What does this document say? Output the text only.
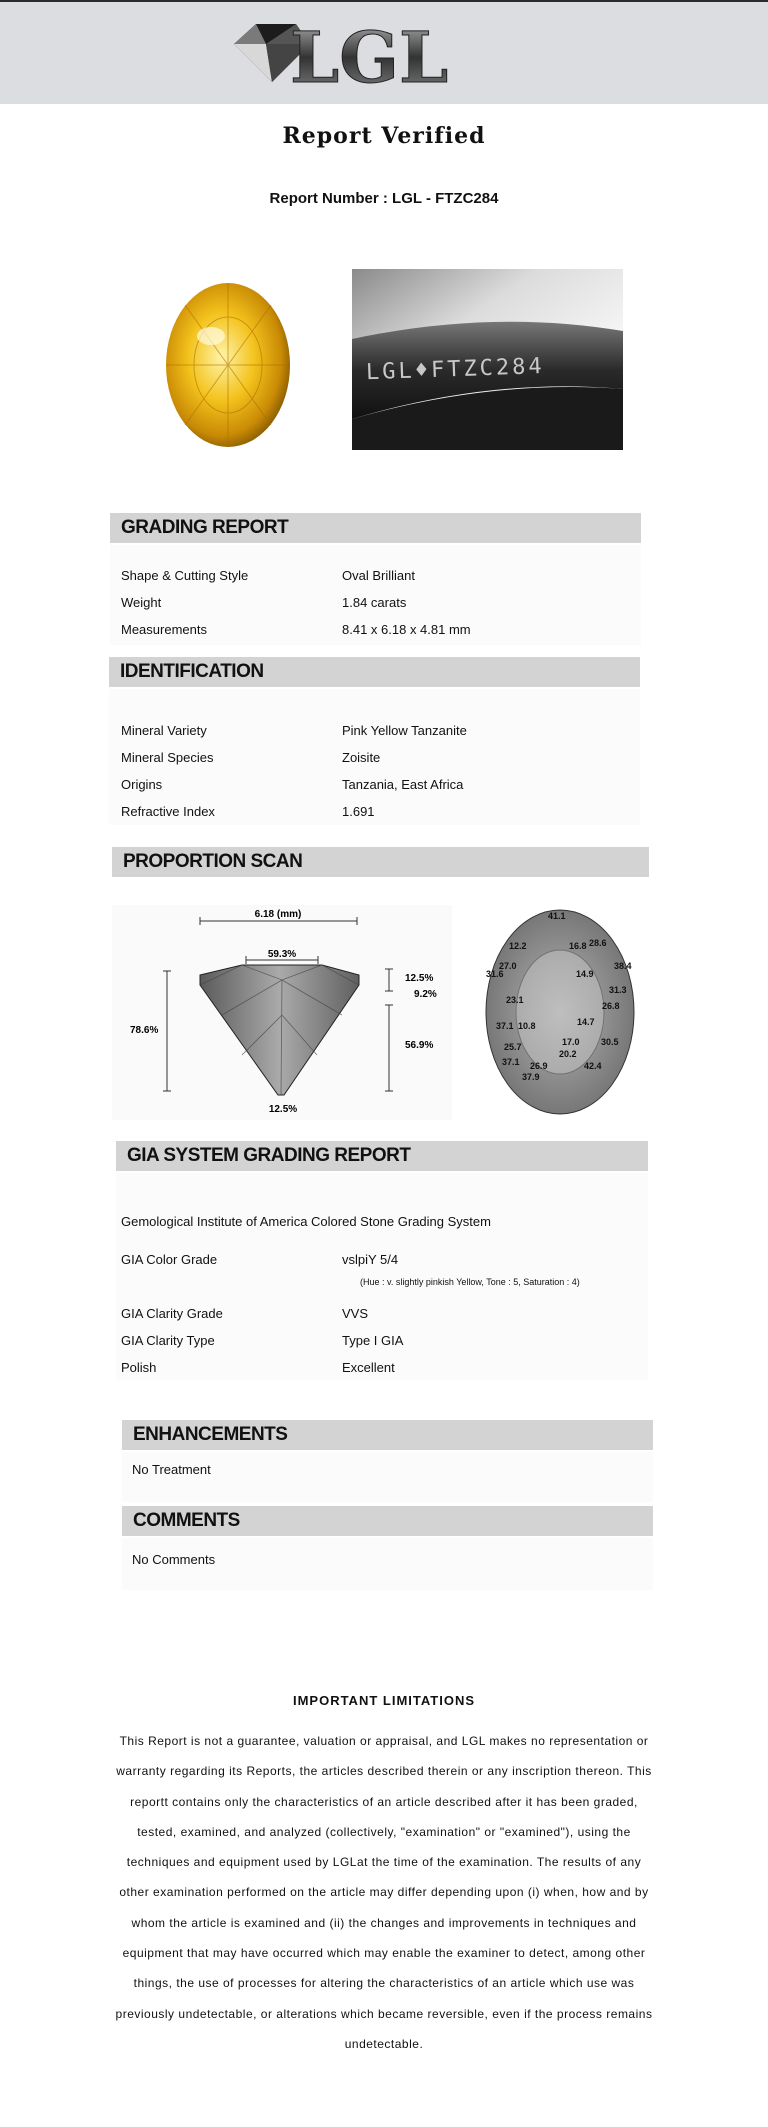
LGL
Report Verified
Report Number : LGL - FTZC284
LGL♦FTZC284
GRADING REPORT
Shape & Cutting Style	Oval Brilliant
Weight	1.84 carats
Measurements	8.41 x 6.18 x 4.81 mm
IDENTIFICATION
Mineral Variety	Pink Yellow Tanzanite
Mineral Species	Zoisite
Origins	Tanzania, East Africa
Refractive Index	1.691
PROPORTION SCAN
6.18 (mm)
59.3%
78.6%
12.5%
9.2%
56.9%
12.5%
41.1
12.2	16.8 28.6
27.0	38.4
31.6	14.9
31.3
23.1
26.8
14.7
37.1 10.8
17.0 30.5
25.7
20.2
37.1 26.9	42.4
37.9
GIA SYSTEM GRADING REPORT
Gemological Institute of America Colored Stone Grading System
GIA Color Grade	vslpiY 5/4
(Hue : v. slightly pinkish Yellow, Tone : 5, Saturation : 4)
GIA Clarity Grade	VVS
GIA Clarity Type	Type I GIA
Polish	Excellent
ENHANCEMENTS
No Treatment
COMMENTS
No Comments
IMPORTANT LIMITATIONS
This Report is not a guarantee, valuation or appraisal, and LGL makes no representation or warranty regarding its Reports, the articles described therein or any inscription thereon. This reportt contains only the characteristics of an article described after it has been graded, tested, examined, and analyzed (collectively, "examination" or "examined"), using the techniques and equipment used by LGLat the time of the examination. The results of any other examination performed on the article may differ depending upon (i) when, how and by whom the article is examined and (ii) the changes and improvements in techniques and equipment that may have occurred which may enable the examiner to detect, among other things, the use of processes for altering the characteristics of an article which use was previously undetectable, or alterations which became reversible, even if the process remains undetectable.
